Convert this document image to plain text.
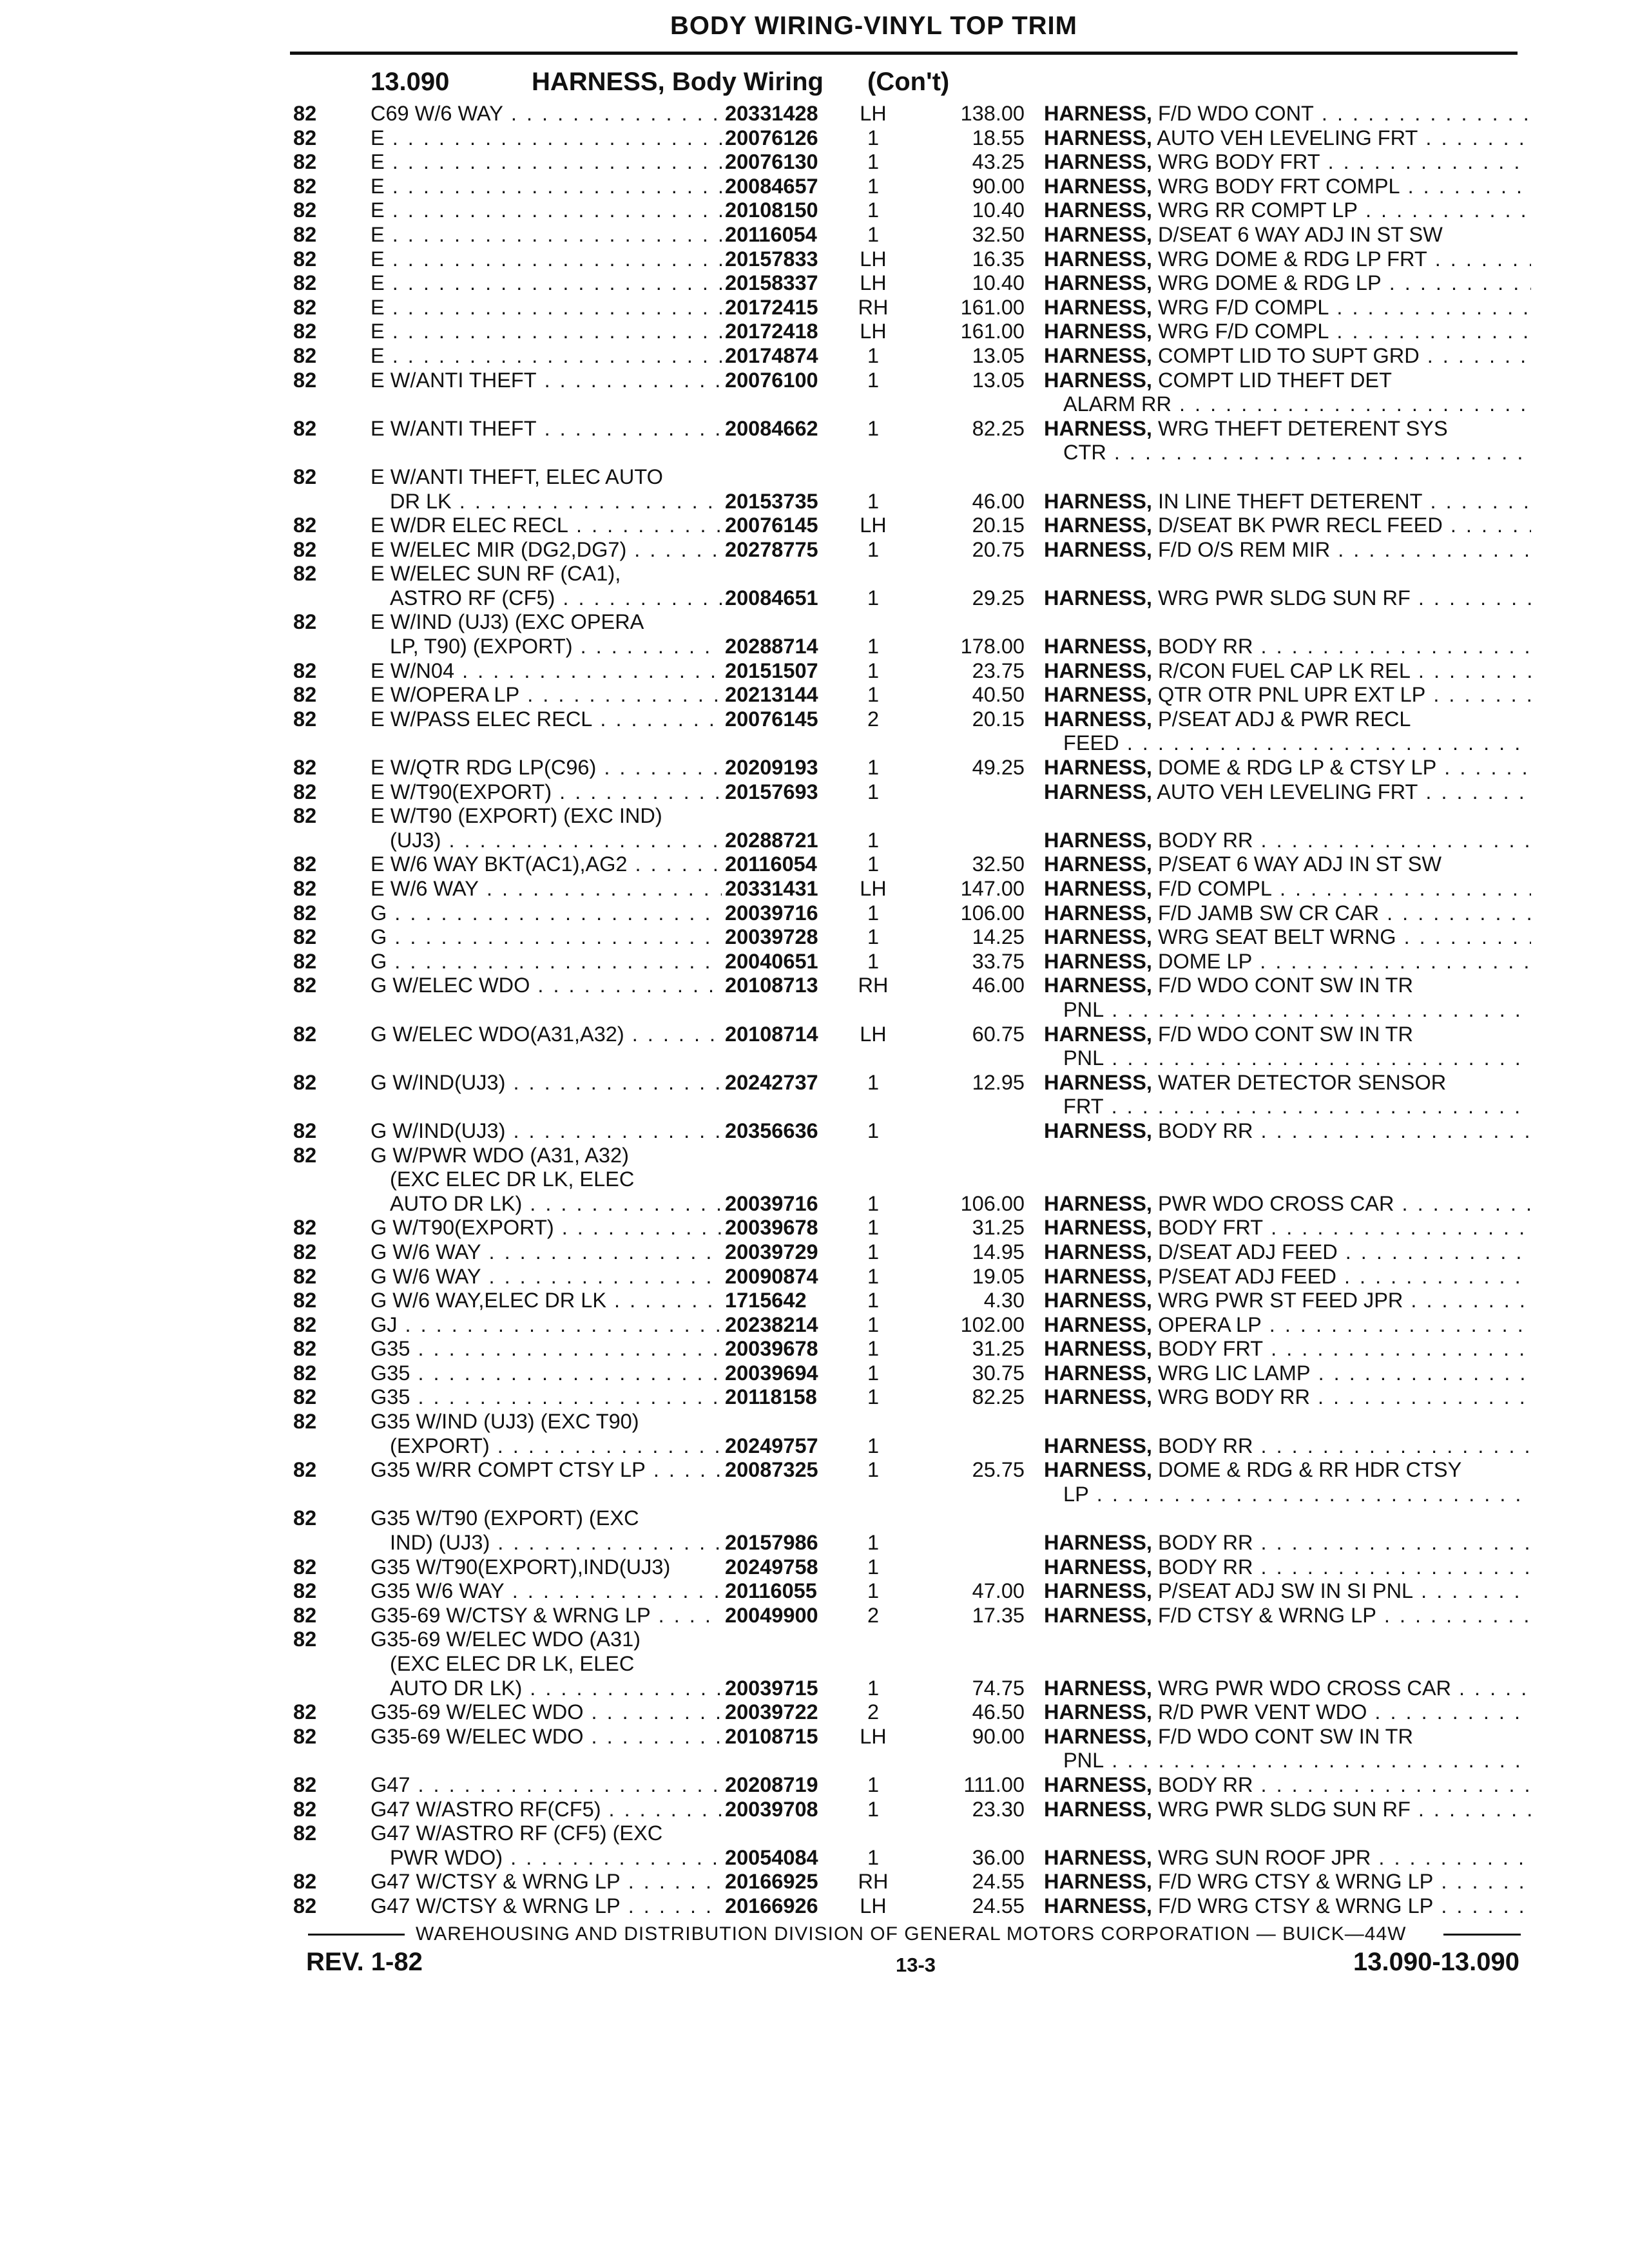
BODY WIRING-VINYL TOP TRIM
13.090	HARNESS, Body Wiring (Con't)
82	C69 W/6 WAY . . .	20331428	LH	138.00 HARNESS, F/D WDO CONT . . .
82	E . . .	20076126	1	18.55 HARNESS, AUTO VEH LEVELING FRT . . .
82	E . . .	20076130	1	43.25 HARNESS, WRG BODY FRT . . .
82	E . . .	20084657	1	90.00 HARNESS, WRG BODY FRT COMPL . . .
82	E . . .	20108150	1	10.40 HARNESS, WRG RR COMPT LP . . .
82	E . . .	20116054	1	32.50 HARNESS, D/SEAT 6 WAY ADJ IN ST SW
82	E . . .	20157833	LH	16.35 HARNESS, WRG DOME & RDG LP FRT . . .
82	E . . .	20158337	LH	10.40 HARNESS, WRG DOME & RDG LP . . .
82	E . . .	20172415	RH	161.00 HARNESS, WRG F/D COMPL . . .
82	E . . .	20172418	LH	161.00 HARNESS, WRG F/D COMPL . . .
82	E . . .	20174874	1	13.05 HARNESS, COMPT LID TO SUPT GRD . . .
82	E W/ANTI THEFT . . .	20076100	1	13.05 HARNESS, COMPT LID THEFT DET
ALARM RR . . .
82	E W/ANTI THEFT . . .	20084662	1	82.25 HARNESS, WRG THEFT DETERENT SYS
CTR . . .
82	E W/ANTI THEFT, ELEC AUTO
DR LK . . .	20153735	1	46.00 HARNESS, IN LINE THEFT DETERENT . . .
82	E W/DR ELEC RECL . . .	20076145	LH	20.15 HARNESS, D/SEAT BK PWR RECL FEED . . .
82	E W/ELEC MIR (DG2,DG7) . . .	20278775	1	20.75 HARNESS, F/D O/S REM MIR . . .
82	E W/ELEC SUN RF (CA1),
ASTRO RF (CF5) . . .	20084651	1	29.25 HARNESS, WRG PWR SLDG SUN RF . . .
82	E W/IND (UJ3) (EXC OPERA
LP, T90) (EXPORT) . . .	20288714	1	178.00 HARNESS, BODY RR . . .
82	E W/N04 . . .	20151507	1	23.75 HARNESS, R/CON FUEL CAP LK REL . . .
82	E W/OPERA LP . . .	20213144	1	40.50 HARNESS, QTR OTR PNL UPR EXT LP . . .
82	E W/PASS ELEC RECL . . .	20076145	2	20.15 HARNESS, P/SEAT ADJ & PWR RECL
FEED . . .
82	E W/QTR RDG LP(C96) . . .	20209193	1	49.25 HARNESS, DOME & RDG LP & CTSY LP . . .
82	E W/T90(EXPORT) . . .	20157693	1	HARNESS, AUTO VEH LEVELING FRT . . .
82	E W/T90 (EXPORT) (EXC IND)
(UJ3) . . .	20288721	1	HARNESS, BODY RR . . .
82	E W/6 WAY BKT(AC1),AG2 . . .	20116054	1	32.50 HARNESS, P/SEAT 6 WAY ADJ IN ST SW
82	E W/6 WAY . . .	20331431	LH	147.00 HARNESS, F/D COMPL . . .
82	G . . .	20039716	1	106.00 HARNESS, F/D JAMB SW CR CAR . . .
82	G . . .	20039728	1	14.25 HARNESS, WRG SEAT BELT WRNG . . .
82	G . . .	20040651	1	33.75 HARNESS, DOME LP . . .
82	G W/ELEC WDO . . .	20108713	RH	46.00 HARNESS, F/D WDO CONT SW IN TR
PNL . . .
82	G W/ELEC WDO(A31,A32) . . .	20108714	LH	60.75 HARNESS, F/D WDO CONT SW IN TR
PNL . . .
82	G W/IND(UJ3) . . .	20242737	1	12.95 HARNESS, WATER DETECTOR SENSOR
FRT . . .
82	G W/IND(UJ3) . . .	20356636	1	HARNESS, BODY RR . . .
82	G W/PWR WDO (A31, A32)
(EXC ELEC DR LK, ELEC
AUTO DR LK) . . .	20039716	1	106.00 HARNESS, PWR WDO CROSS CAR . . .
82	G W/T90(EXPORT) . . .	20039678	1	31.25 HARNESS, BODY FRT . . .
82	G W/6 WAY . . .	20039729	1	14.95 HARNESS, D/SEAT ADJ FEED . . .
82	G W/6 WAY . . .	20090874	1	19.05 HARNESS, P/SEAT ADJ FEED . . .
82	G W/6 WAY,ELEC DR LK . . .	1715642	1	4.30 HARNESS, WRG PWR ST FEED JPR . . .
82	GJ . . .	20238214	1	102.00 HARNESS, OPERA LP . . .
82	G35 . . .	20039678	1	31.25 HARNESS, BODY FRT . . .
82	G35 . . .	20039694	1	30.75 HARNESS, WRG LIC LAMP . . .
82	G35 . . .	20118158	1	82.25 HARNESS, WRG BODY RR . . .
82	G35 W/IND (UJ3) (EXC T90)
(EXPORT) . . .	20249757	1	HARNESS, BODY RR . . .
82	G35 W/RR COMPT CTSY LP . . .	20087325	1	25.75 HARNESS, DOME & RDG & RR HDR CTSY
LP . . .
82	G35 W/T90 (EXPORT) (EXC
IND) (UJ3) . . .	20157986	1	HARNESS, BODY RR . . .
82	G35 W/T90(EXPORT),IND(UJ3)	20249758	1	HARNESS, BODY RR . . .
82	G35 W/6 WAY . . .	20116055	1	47.00 HARNESS, P/SEAT ADJ SW IN SI PNL . . .
82	G35-69 W/CTSY & WRNG LP . . .	20049900	2	17.35 HARNESS, F/D CTSY & WRNG LP . . .
82	G35-69 W/ELEC WDO (A31)
(EXC ELEC DR LK, ELEC
AUTO DR LK) . . .	20039715	1	74.75 HARNESS, WRG PWR WDO CROSS CAR . . .
82	G35-69 W/ELEC WDO . . .	20039722	2	46.50 HARNESS, R/D PWR VENT WDO . . .
82	G35-69 W/ELEC WDO . . .	20108715	LH	90.00 HARNESS, F/D WDO CONT SW IN TR
PNL . . .
82	G47 . . .	20208719	1	111.00 HARNESS, BODY RR . . .
82	G47 W/ASTRO RF(CF5) . . .	20039708	1	23.30 HARNESS, WRG PWR SLDG SUN RF . . .
82	G47 W/ASTRO RF (CF5) (EXC
PWR WDO) . . .	20054084	1	36.00 HARNESS, WRG SUN ROOF JPR . . .
82	G47 W/CTSY & WRNG LP . . .	20166925	RH	24.55 HARNESS, F/D WRG CTSY & WRNG LP . . .
82	G47 W/CTSY & WRNG LP . . .	20166926	LH	24.55 HARNESS, F/D WRG CTSY & WRNG LP . . .
WAREHOUSING AND DISTRIBUTION DIVISION OF GENERAL MOTORS CORPORATION — BUICK—44W
REV. 1-82	13-3	13.090-13.090
